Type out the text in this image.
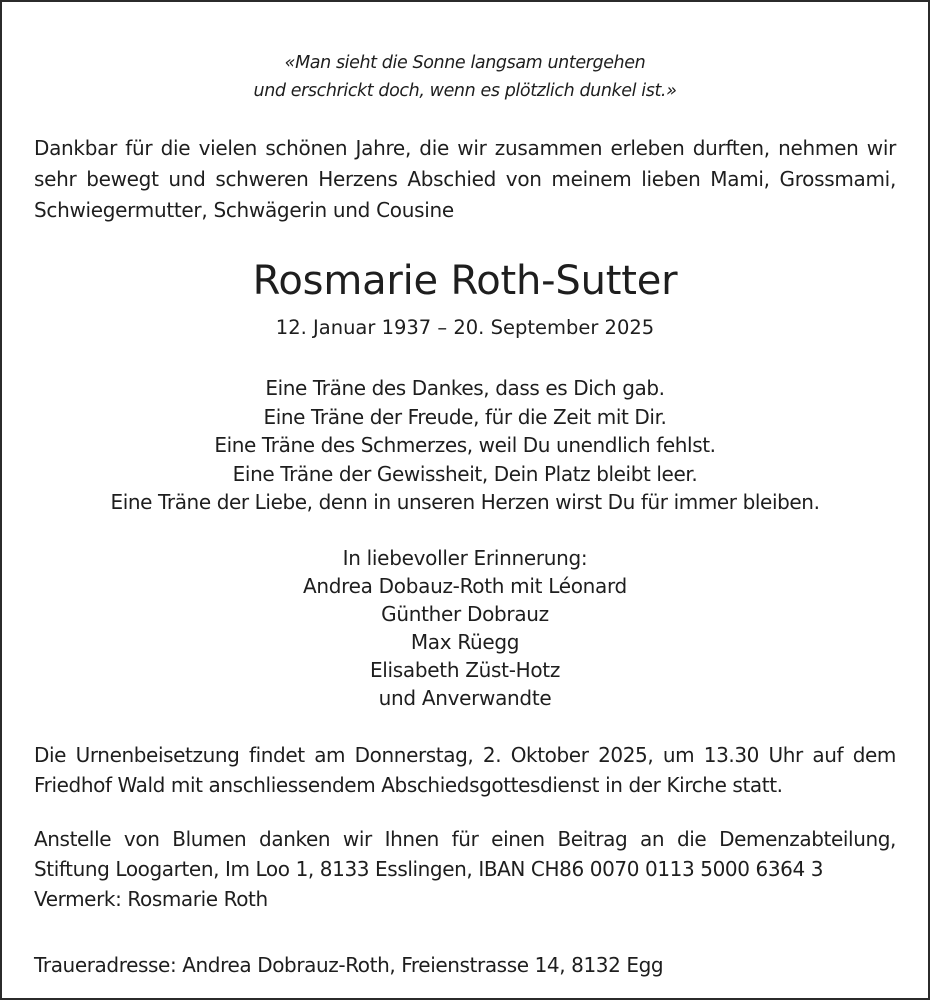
«Man sieht die Sonne langsam untergehen
und erschrickt doch, wenn es plötzlich dunkel ist.»
Dankbar für die vielen schönen Jahre, die wir zusammen erleben durften, nehmen wir
sehr bewegt und schweren Herzens Abschied von meinem lieben Mami, Grossmami,
Schwiegermutter, Schwägerin und Cousine
Rosmarie Roth-Sutter
12. Januar 1937 – 20. September 2025
Eine Träne des Dankes, dass es Dich gab.
Eine Träne der Freude, für die Zeit mit Dir.
Eine Träne des Schmerzes, weil Du unendlich fehlst.
Eine Träne der Gewissheit, Dein Platz bleibt leer.
Eine Träne der Liebe, denn in unseren Herzen wirst Du für immer bleiben.
In liebevoller Erinnerung:
Andrea Dobauz-Roth mit Léonard
Günther Dobrauz
Max Rüegg
Elisabeth Züst-Hotz
und Anverwandte
Die Urnenbeisetzung findet am Donnerstag, 2. Oktober 2025, um 13.30 Uhr auf dem
Friedhof Wald mit anschliessendem Abschiedsgottesdienst in der Kirche statt.
Anstelle von Blumen danken wir Ihnen für einen Beitrag an die Demenzabteilung,
Stiftung Loogarten, Im Loo 1, 8133 Esslingen, IBAN CH86 0070 0113 5000 6364 3
Vermerk: Rosmarie Roth
Traueradresse: Andrea Dobrauz-Roth, Freienstrasse 14, 8132 Egg
